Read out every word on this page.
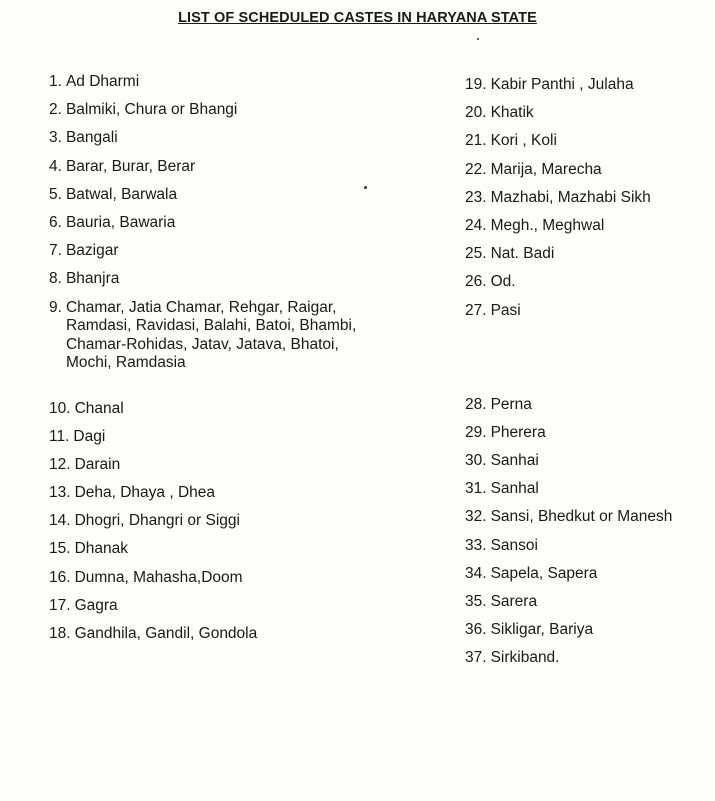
LIST OF SCHEDULED CASTES IN HARYANA STATE
1. Ad Dharmi
2. Balmiki, Chura or Bhangi
3. Bangali
4. Barar, Burar, Berar
5. Batwal, Barwala
6. Bauria, Bawaria
7. Bazigar
8. Bhanjra
9. Chamar, Jatia Chamar, Rehgar, Raigar, Ramdasi, Ravidasi, Balahi, Batoi, Bhambi, Chamar-Rohidas, Jatav, Jatava, Bhatoi, Mochi, Ramdasia
10. Chanal
11. Dagi
12. Darain
13. Deha, Dhaya , Dhea
14. Dhogri, Dhangri or Siggi
15. Dhanak
16. Dumna, Mahasha,Doom
17. Gagra
18. Gandhila, Gandil, Gondola
19. Kabir Panthi , Julaha
20. Khatik
21. Kori , Koli
22. Marija, Marecha
23. Mazhabi, Mazhabi Sikh
24. Megh., Meghwal
25. Nat. Badi
26. Od.
27. Pasi
28. Perna
29. Pherera
30. Sanhai
31. Sanhal
32. Sansi, Bhedkut or Manesh
33. Sansoi
34. Sapela, Sapera
35. Sarera
36. Sikligar, Bariya
37. Sirkiband.
